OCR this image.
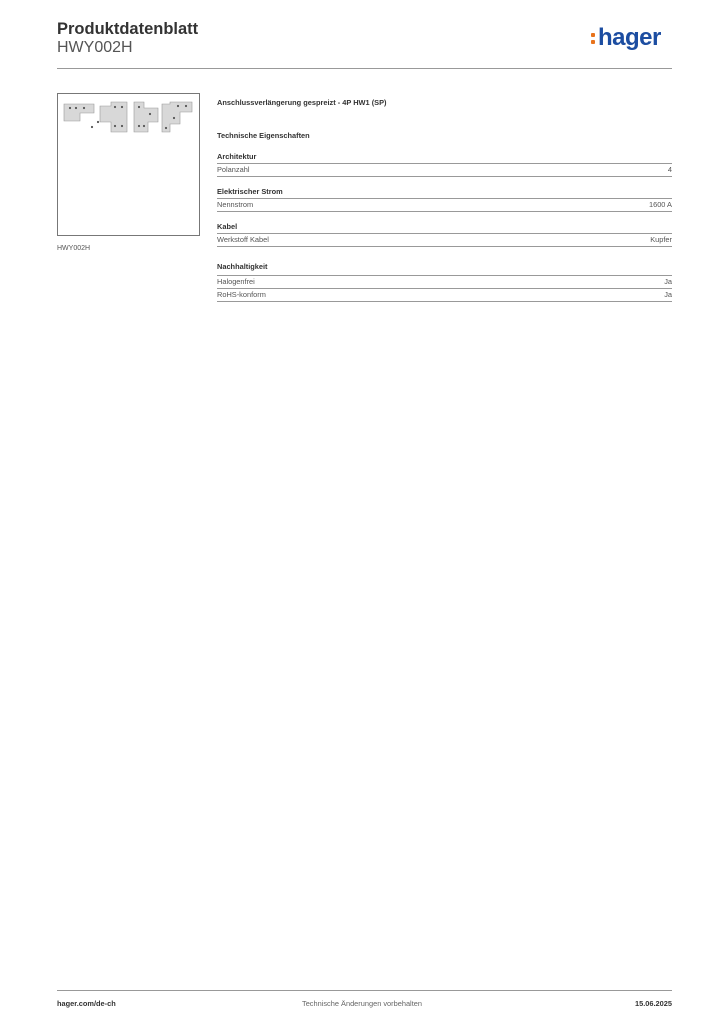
Produktdatenblatt
HWY002H	hager
HWY002H
Anschlussverlängerung gespreizt - 4P HW1 (SP)
Technische Eigenschaften
Architektur
Polanzahl	4
Elektrischer Strom
Nennstrom	1600 A
Kabel
Werkstoff Kabel	Kupfer
Nachhaltigkeit
Halogenfrei	Ja
RoHS-konform	Ja
hager.com/de-ch	Technische Änderungen vorbehalten	15.06.2025
